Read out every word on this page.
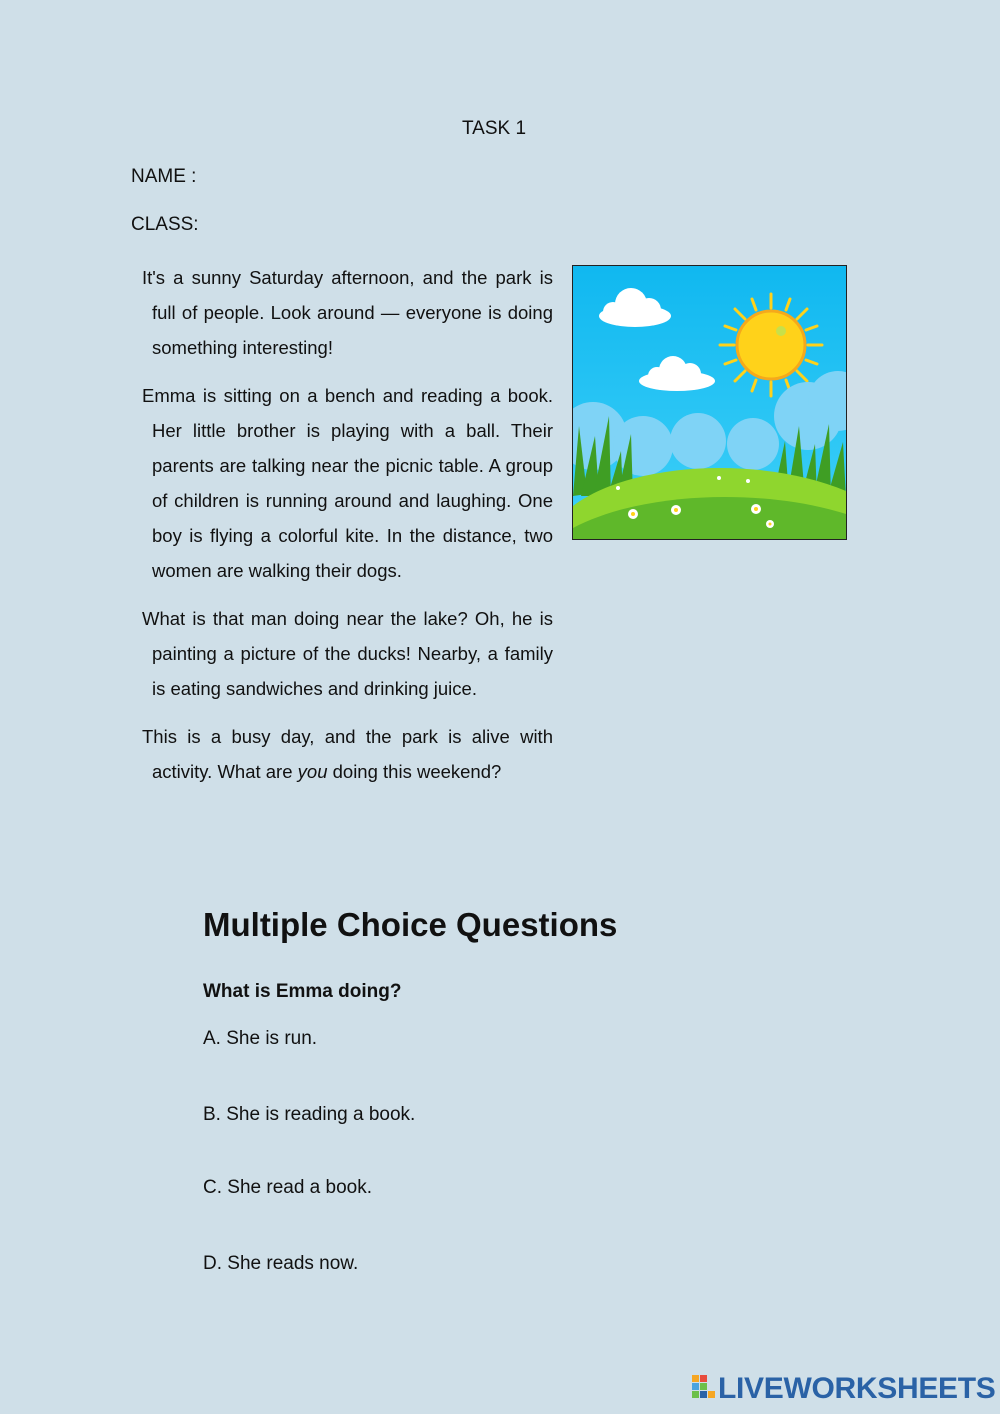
TASK 1
NAME :
CLASS:

It's a sunny Saturday afternoon, and the park is full of people. Look around — everyone is doing something interesting!

Emma is sitting on a bench and reading a book. Her little brother is playing with a ball. Their parents are talking near the picnic table. A group of children is running around and laughing. One boy is flying a colorful kite. In the distance, two women are walking their dogs.

What is that man doing near the lake? Oh, he is painting a picture of the ducks! Nearby, a family is eating sandwiches and drinking juice.

This is a busy day, and the park is alive with activity. What are you doing this weekend?

Multiple Choice Questions
What is Emma doing?
A. She is run.
B. She is reading a book.
C. She read a book.
D. She reads now.
LIVEWORKSHEETS
